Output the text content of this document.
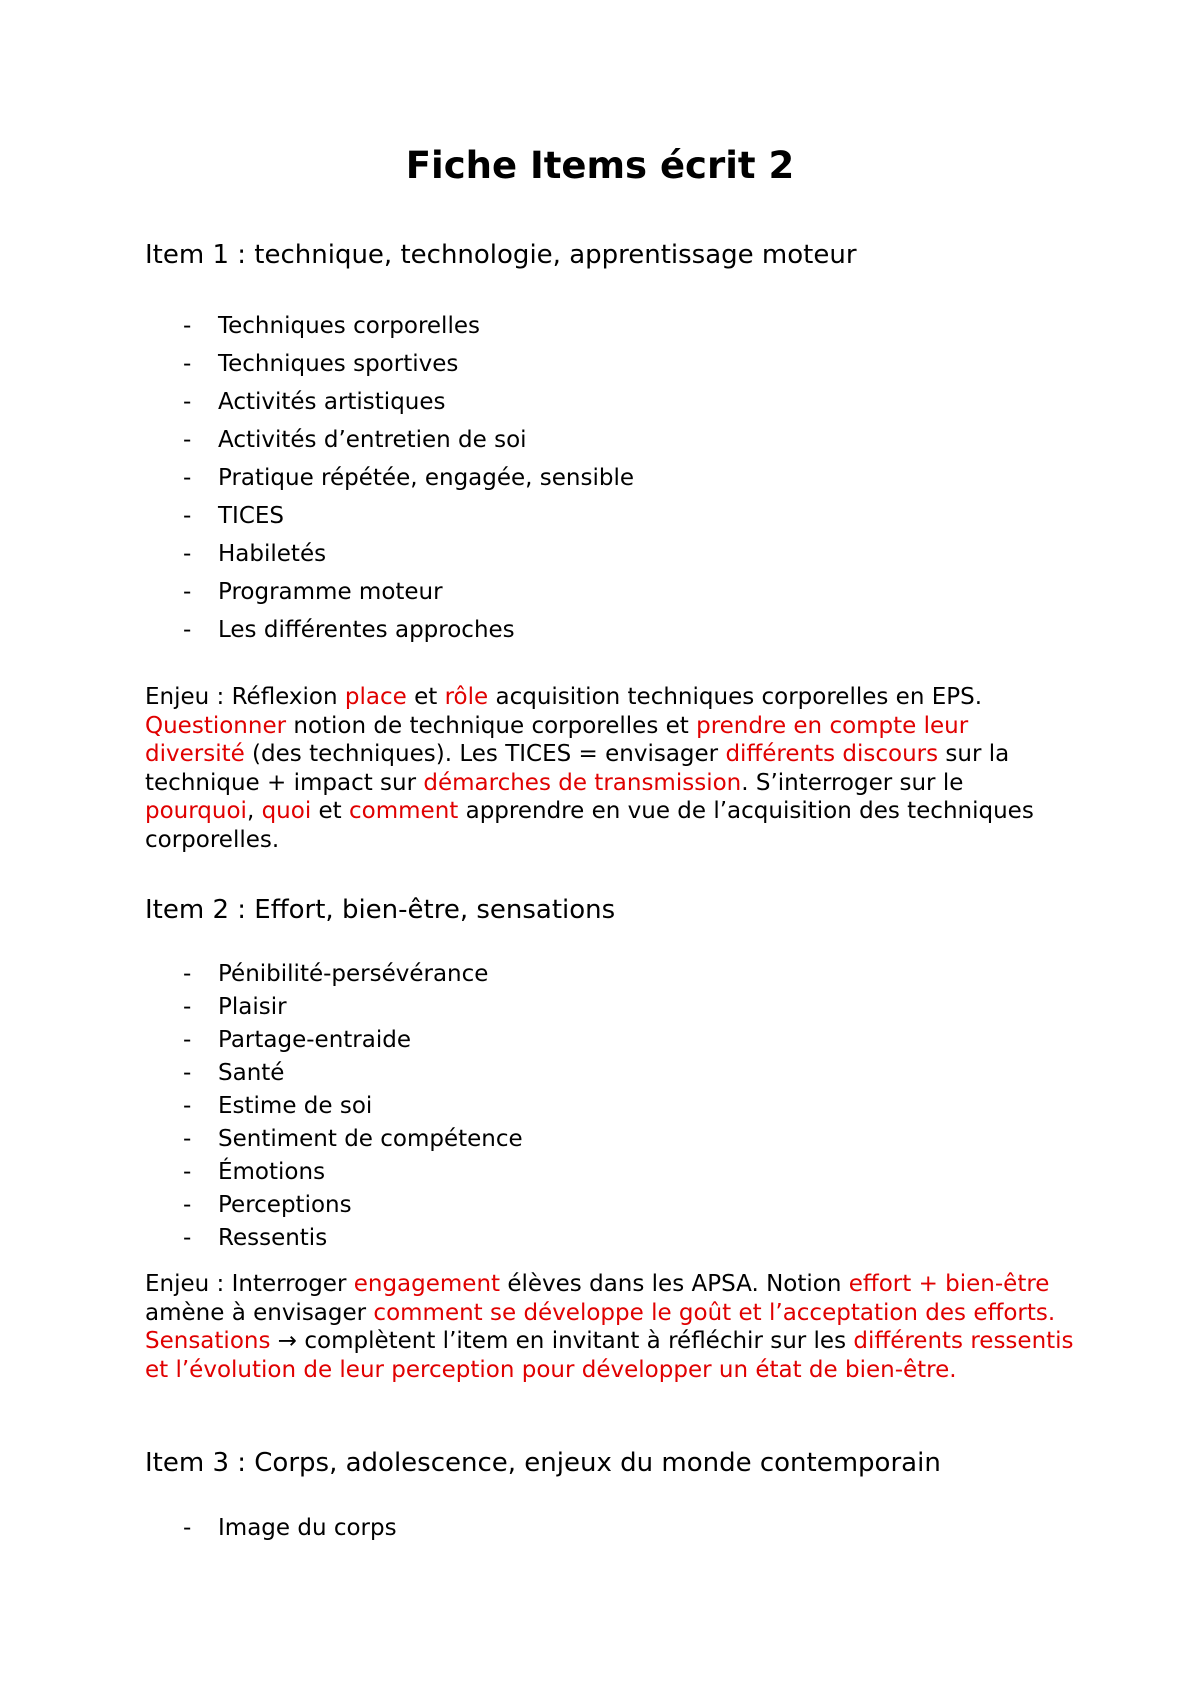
Fiche Items écrit 2
Item 1 : technique, technologie, apprentissage moteur
- Techniques corporelles
- Techniques sportives
- Activités artistiques
- Activités d’entretien de soi
- Pratique répétée, engagée, sensible
- TICES
- Habiletés
- Programme moteur
- Les différentes approches

Enjeu : Réflexion place et rôle acquisition techniques corporelles en EPS. Questionner notion de technique corporelles et prendre en compte leur diversité (des techniques). Les TICES = envisager différents discours sur la technique + impact sur démarches de transmission. S’interroger sur le pourquoi, quoi et comment apprendre en vue de l’acquisition des techniques corporelles.

Item 2 : Effort, bien-être, sensations
- Pénibilité-persévérance
- Plaisir
- Partage-entraide
- Santé
- Estime de soi
- Sentiment de compétence
- Émotions
- Perceptions
- Ressentis

Enjeu : Interroger engagement élèves dans les APSA. Notion effort + bien-être amène à envisager comment se développe le goût et l’acceptation des efforts. Sensations → complètent l’item en invitant à réfléchir sur les différents ressentis et l’évolution de leur perception pour développer un état de bien-être.

Item 3 : Corps, adolescence, enjeux du monde contemporain
- Image du corps
